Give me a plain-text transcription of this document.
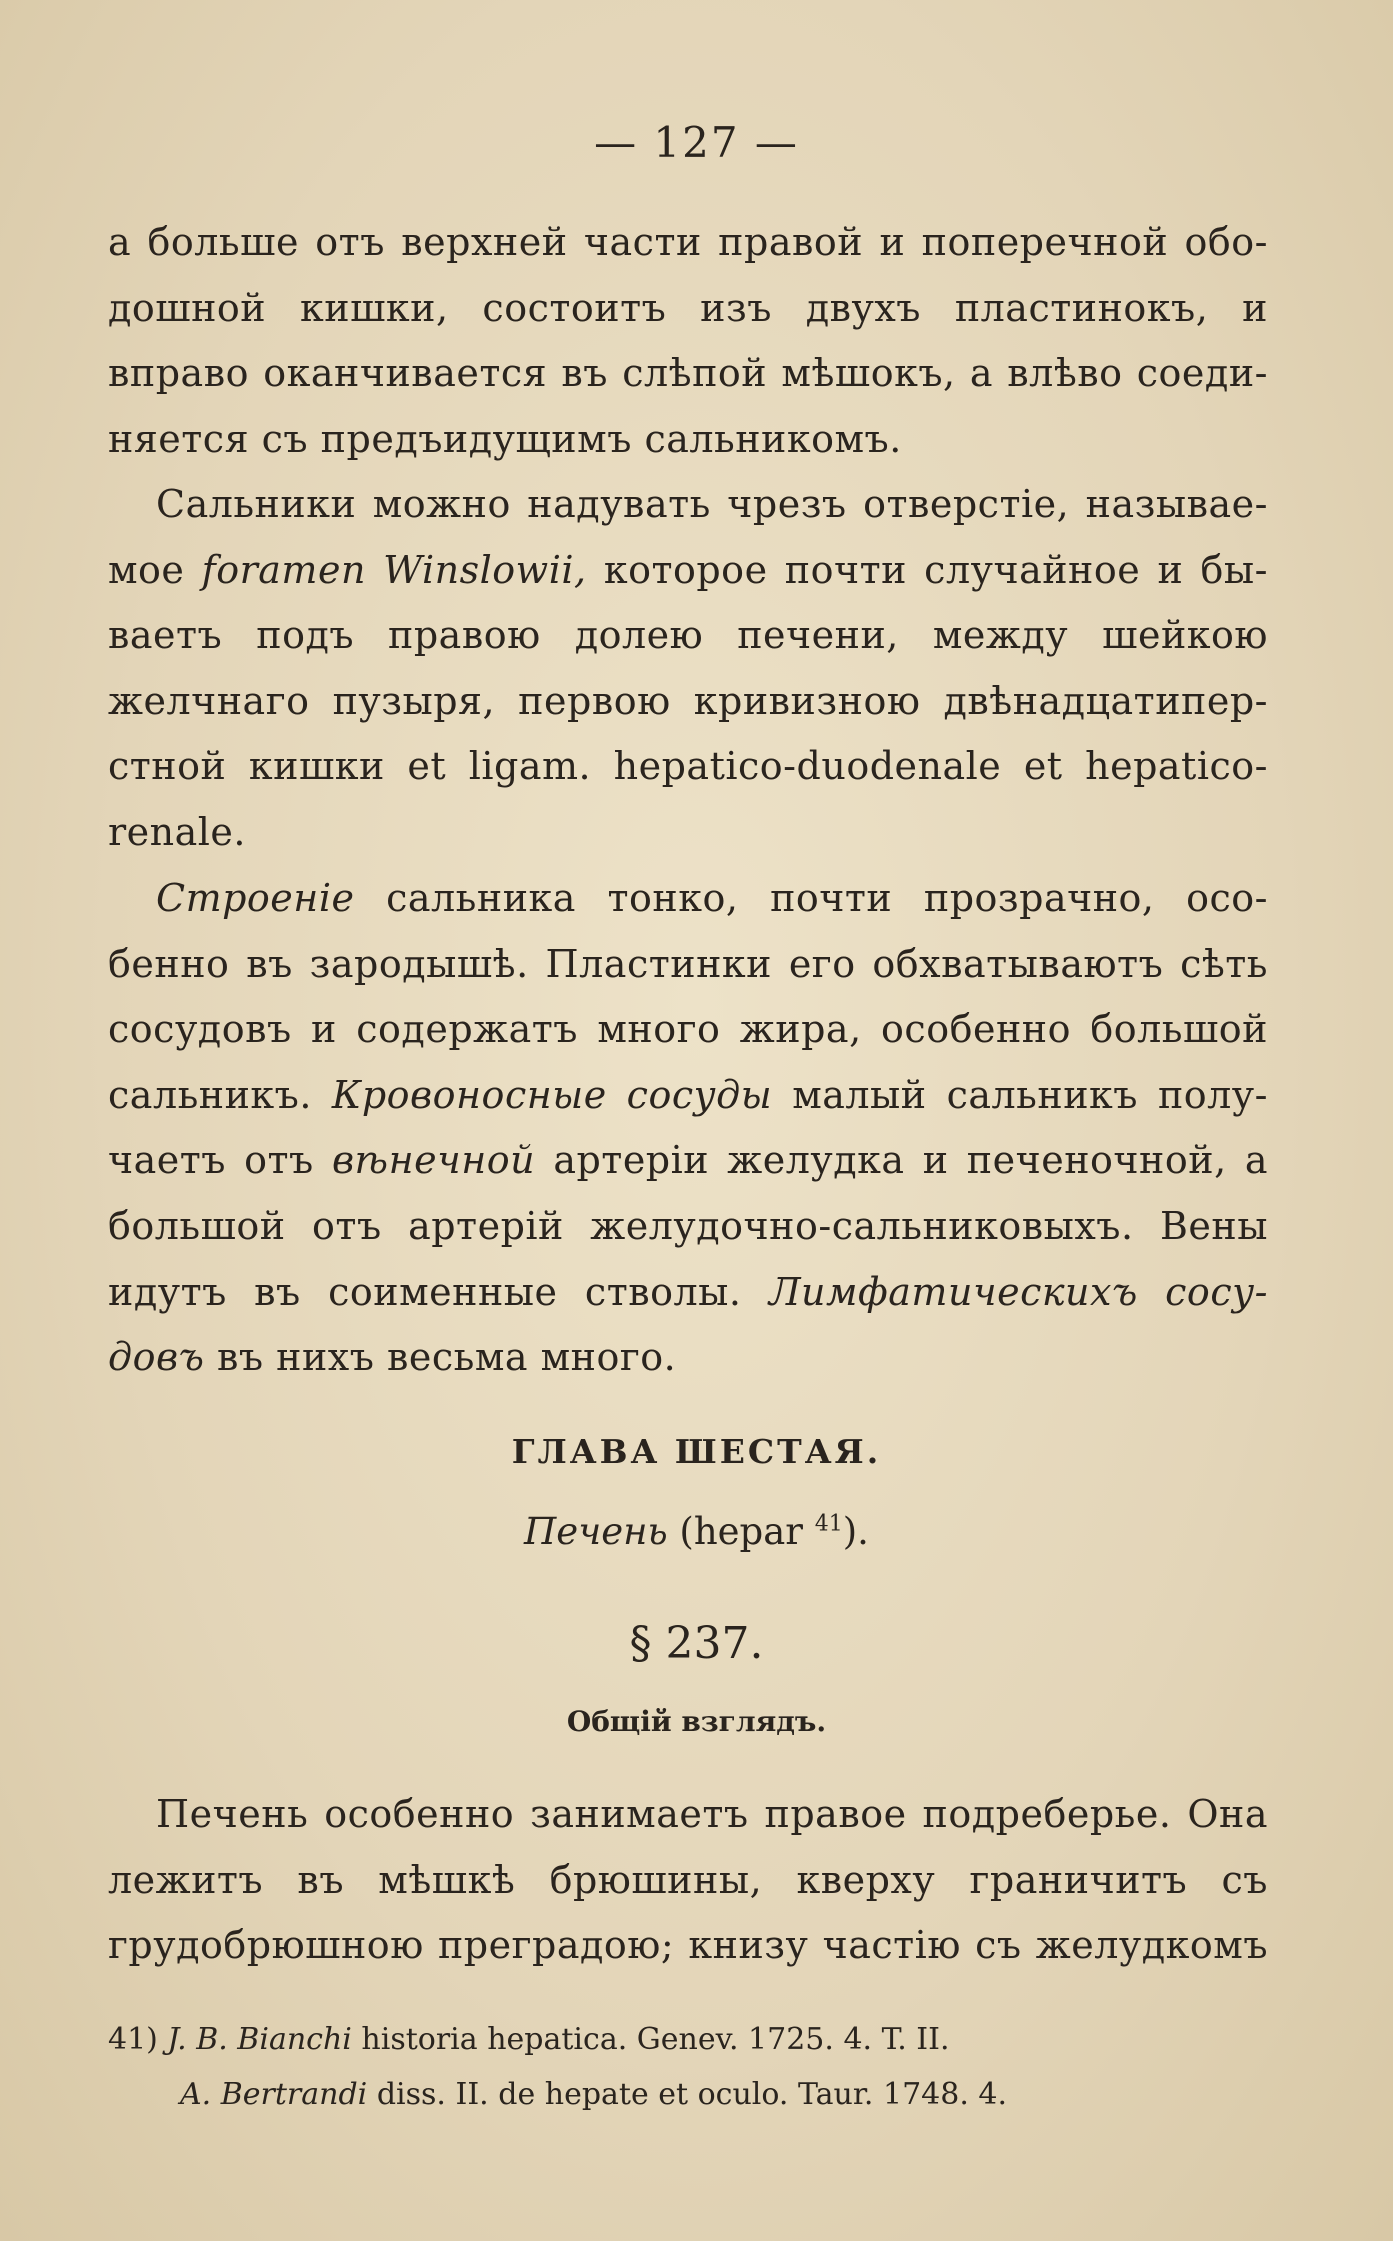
— 127 —
а больше отъ верхней части правой и поперечной обо-
дошной кишки, состоитъ изъ двухъ пластинокъ, и
вправо оканчивается въ слѣпой мѣшокъ, а влѣво соеди-
няется съ предъидущимъ сальникомъ.
Сальники можно надувать чрезъ отверстіе, называе-
мое foramen Winslowii, которое почти случайное и бы-
ваетъ подъ правою долею печени, между шейкою
желчнаго пузыря, первою кривизною двѣнадцатипер-
стной кишки et ligam. hepatico-duodenale et hepatico-
renale.
Строеніе сальника тонко, почти прозрачно, осо-
бенно въ зародышѣ. Пластинки его обхватываютъ сѣть
сосудовъ и содержатъ много жира, особенно большой
сальникъ. Кровоносные сосуды малый сальникъ полу-
чаетъ отъ вѣнечной артеріи желудка и печеночной, а
большой отъ артерій желудочно-сальниковыхъ. Вены
идутъ въ соименные стволы. Лимфатическихъ сосу-
довъ въ нихъ весьма много.
ГЛАВА ШЕСТАЯ.
Печень (hepar $^{41}$).
§ 237.
Общій взглядъ.
Печень особенно занимаетъ правое подреберье. Она
лежитъ въ мѣшкѣ брюшины, кверху граничитъ съ
грудобрюшною преградою; книзу частію съ желудкомъ
41) J. B. Bianchi historia hepatica. Genev. 1725. 4. T. II.
A. Bertrandi diss. II. de hepate et oculo. Taur. 1748. 4.
